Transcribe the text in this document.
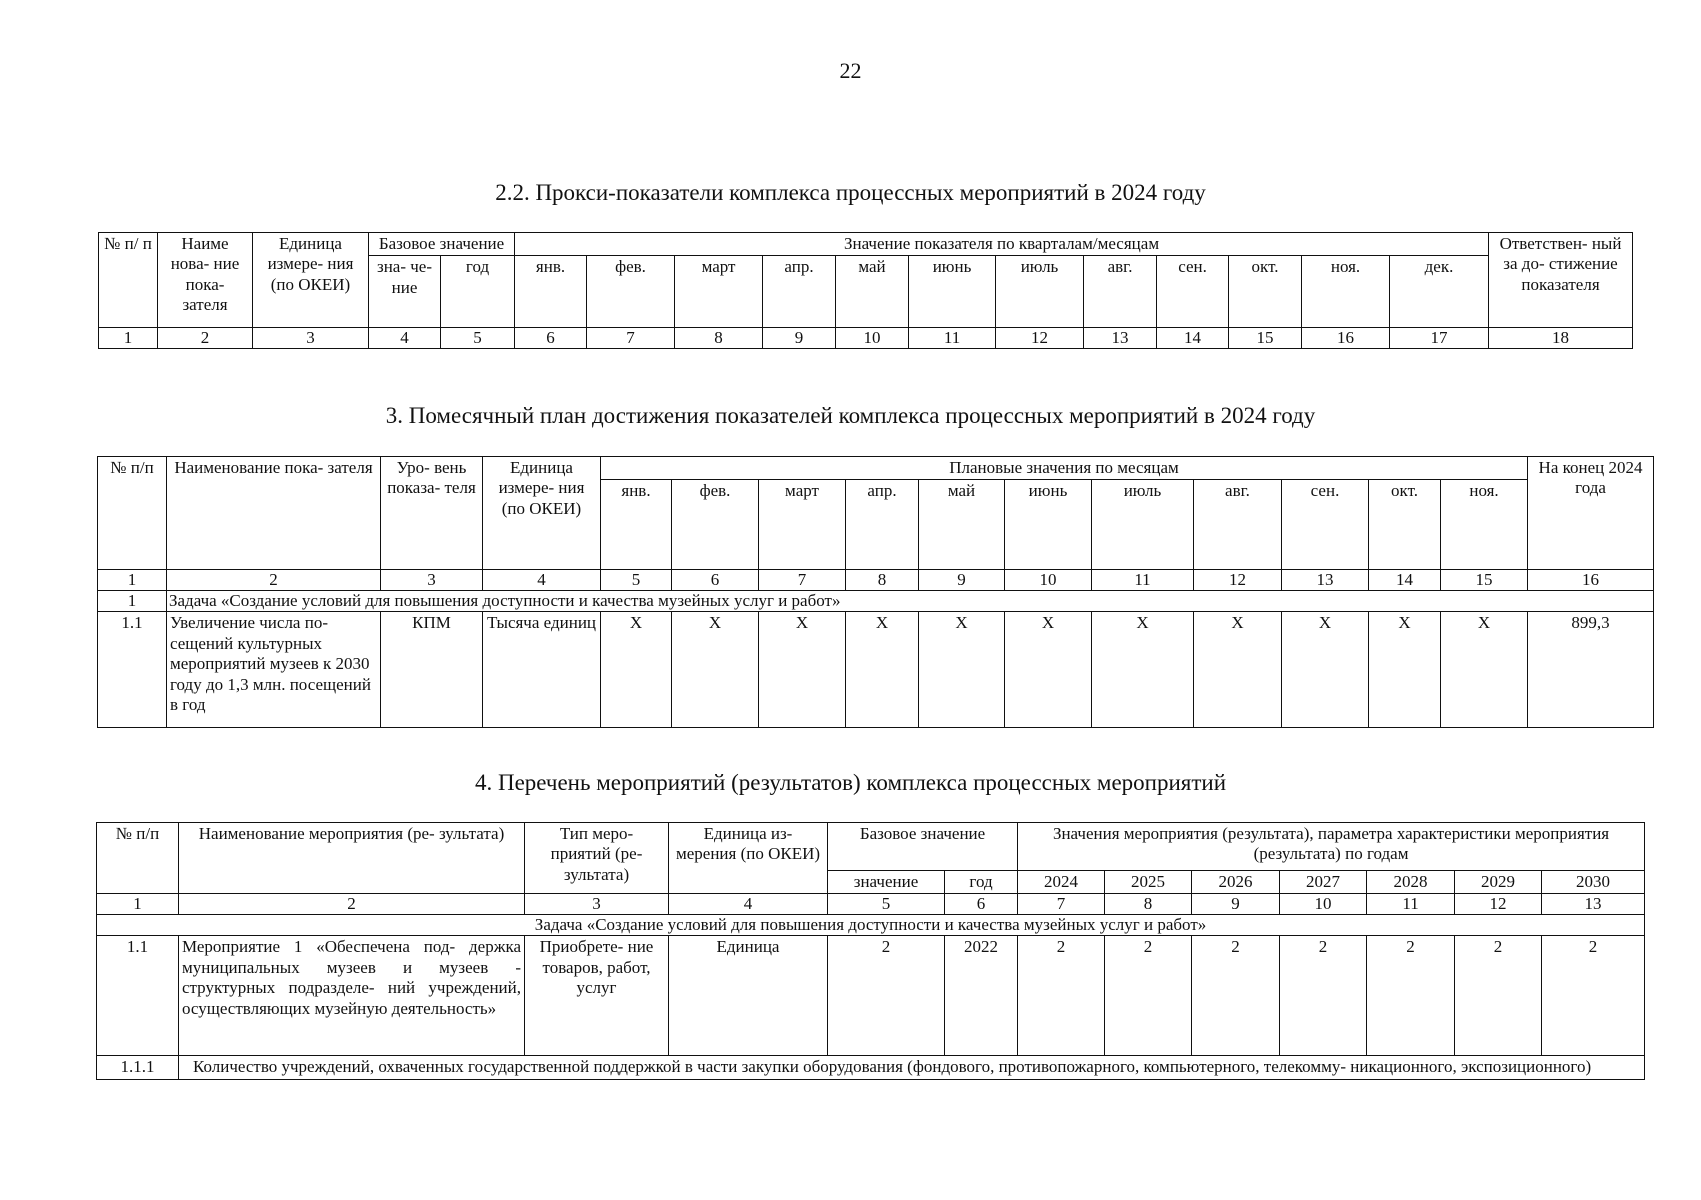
22
2.2. Прокси-показатели комплекса процессных мероприятий в 2024 году
№ п/ п	Наиме нова- ние пока- зателя	Единица измере- ния (по ОКЕИ)	Базовое значение		Значение показателя по кварталам/месяцам												Ответствен- ный за до- стижение показателя
			зна- че- ние	год	янв.	фев.	март	апр.	май	июнь	июль	авг.	сен.	окт.	ноя.	дек.	
1	2	3	4	5	6	7	8	9	10	11	12	13	14	15	16	17	18
3. Помесячный план достижения показателей комплекса процессных мероприятий в 2024 году
№ п/п	Наименование пока- зателя	Уро- вень показа- теля	Единица измере- ния (по ОКЕИ)	Плановые значения по месяцам											На конец 2024 года
				янв.	фев.	март	апр.	май	июнь	июль	авг.	сен.	окт.	ноя.	
1	2	3	4	5	6	7	8	9	10	11	12	13	14	15	16
1	Задача «Создание условий для повышения доступности и качества музейных услуг и работ»														
1.1	Увеличение числа по- сещений культурных мероприятий музеев к 2030 году до 1,3 млн. посещений в год	КПМ	Тысяча единиц	X	X	X	X	X	X	X	X	X	X	X	899,3
4. Перечень мероприятий (результатов) комплекса процессных мероприятий
№ п/п	Наименование мероприятия (ре- зультата)	Тип меро- приятий (ре- зультата)	Единица из- мерения (по ОКЕИ)	Базовое значение		Значения мероприятия (результата), параметра характеристики мероприятия (результата) по годам						
				значение	год	2024	2025	2026	2027	2028	2029	2030
1	2	3	4	5	6	7	8	9	10	11	12	13
Задача «Создание условий для повышения доступности и качества музейных услуг и работ»												
1.1	Мероприятие 1 «Обеспечена под- держка муниципальных музеев и музеев - структурных подразделе- ний учреждений, осуществляющих музейную деятельность»	Приобрете- ние товаров, работ, услуг	Единица	2	2022	2	2	2	2	2	2	2
1.1.1	Количество учреждений, охваченных государственной поддержкой в части закупки оборудования (фондового, противопожарного, компьютерного, телекомму- никационного, экспозиционного)											
